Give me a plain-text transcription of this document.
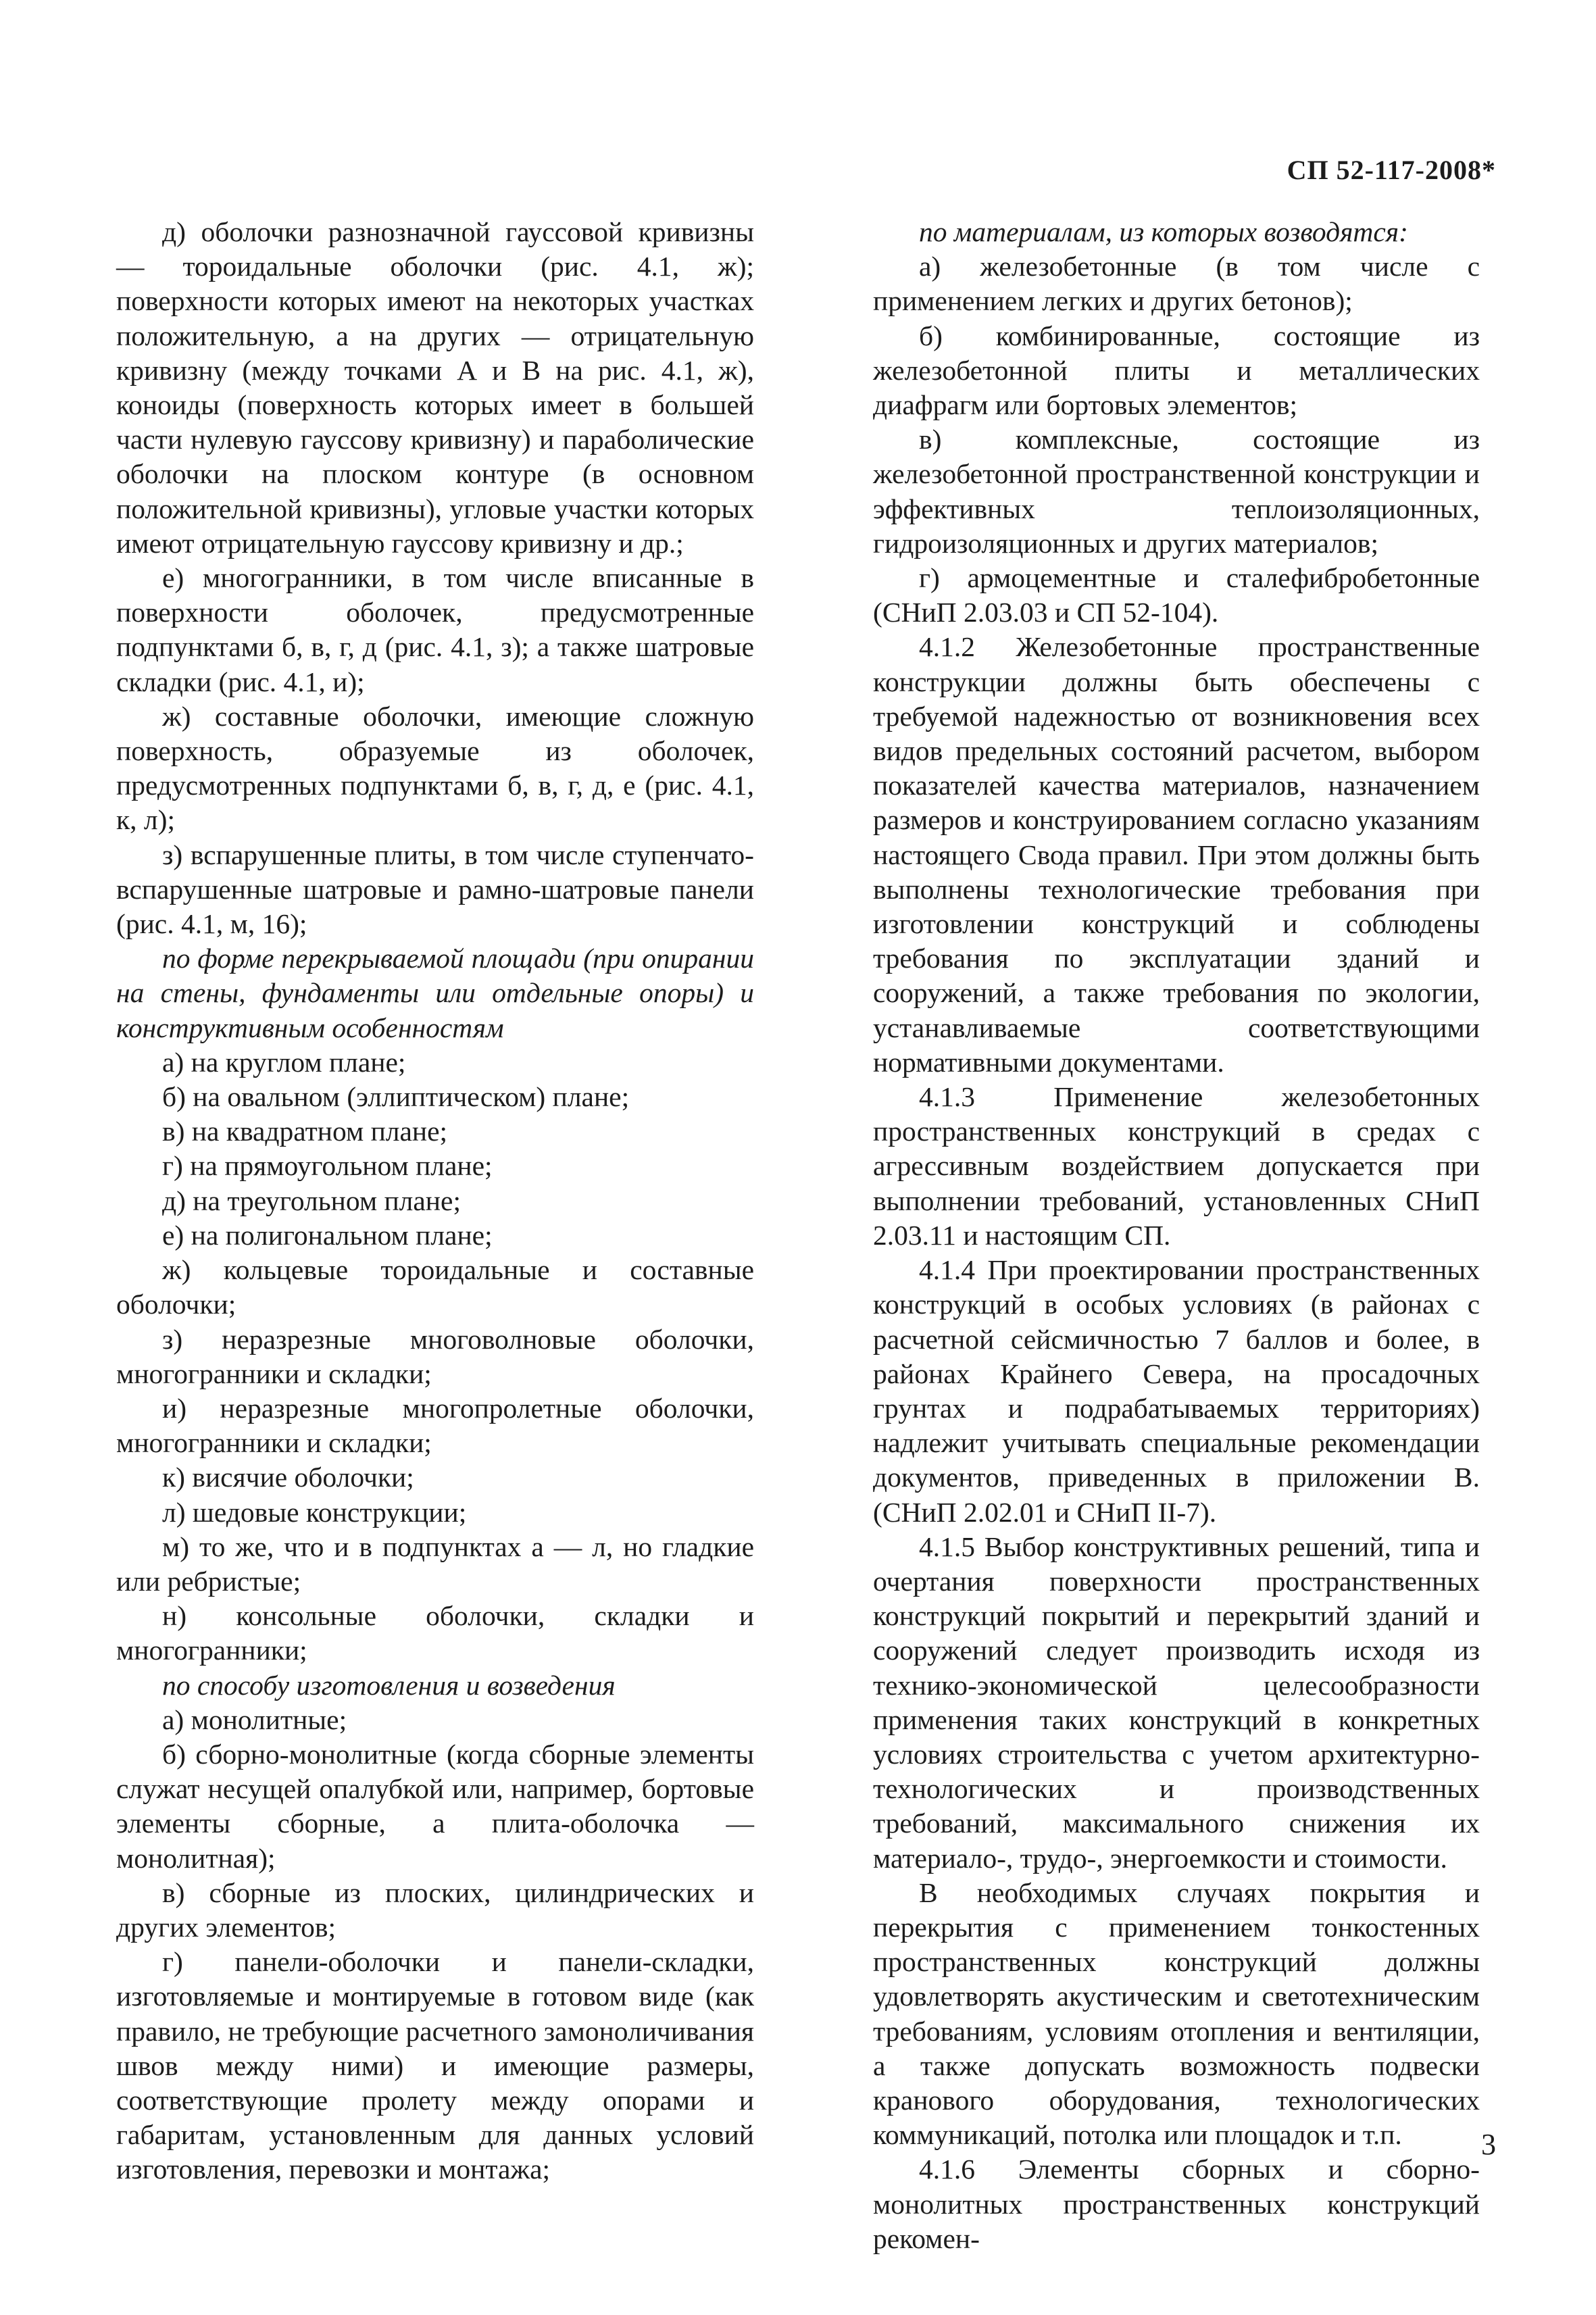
СП 52-117-2008*

д) оболочки разнозначной гауссовой кривизны — тороидальные оболочки (рис. 4.1, ж); поверхности которых имеют на некоторых участках положительную, а на других — отрицательную кривизну (между точками А и В на рис. 4.1, ж), коноиды (поверхность которых имеет в большей части нулевую гауссову кривизну) и параболические оболочки на плоском контуре (в основном положительной кривизны), угловые участки которых имеют отрицательную гауссову кривизну и др.;

е) многогранники, в том числе вписанные в поверхности оболочек, предусмотренные подпунктами б, в, г, д (рис. 4.1, з); а также шатровые складки (рис. 4.1, и);

ж) составные оболочки, имеющие сложную поверхность, образуемые из оболочек, предусмотренных подпунктами б, в, г, д, е (рис. 4.1, к, л);

з) вспарушенные плиты, в том числе ступенчато-вспарушенные шатровые и рамно-шатровые панели (рис. 4.1, м, 16);

по форме перекрываемой площади (при опирании на стены, фундаменты или отдельные опоры) и конструктивным особенностям

а) на круглом плане;

б) на овальном (эллиптическом) плане;

в) на квадратном плане;

г) на прямоугольном плане;

д) на треугольном плане;

е) на полигональном плане;

ж) кольцевые тороидальные и составные оболочки;

з) неразрезные многоволновые оболочки, многогранники и складки;

и) неразрезные многопролетные оболочки, многогранники и складки;

к) висячие оболочки;

л) шедовые конструкции;

м) то же, что и в подпунктах а — л, но гладкие или ребристые;

н) консольные оболочки, складки и многогранники;

по способу изготовления и возведения

а) монолитные;

б) сборно-монолитные (когда сборные элементы служат несущей опалубкой или, например, бортовые элементы сборные, а плита-оболочка — монолитная);

в) сборные из плоских, цилиндрических и других элементов;

г) панели-оболочки и панели-складки, изготовляемые и монтируемые в готовом виде (как правило, не требующие расчетного замоноличивания швов между ними) и имеющие размеры, соответствующие пролету между опорами и габаритам, установленным для данных условий изготовления, перевозки и монтажа;

по материалам, из которых возводятся:

а) железобетонные (в том числе с применением легких и других бетонов);

б) комбинированные, состоящие из железобетонной плиты и металлических диафрагм или бортовых элементов;

в) комплексные, состоящие из железобетонной пространственной конструкции и эффективных теплоизоляционных, гидроизоляционных и других материалов;

г) армоцементные и сталефибробетонные (СНиП 2.03.03 и СП 52-104).

4.1.2 Железобетонные пространственные конструкции должны быть обеспечены с требуемой надежностью от возникновения всех видов предельных состояний расчетом, выбором показателей качества материалов, назначением размеров и конструированием согласно указаниям настоящего Свода правил. При этом должны быть выполнены технологические требования при изготовлении конструкций и соблюдены требования по эксплуатации зданий и сооружений, а также требования по экологии, устанавливаемые соответствующими нормативными документами.

4.1.3 Применение железобетонных пространственных конструкций в средах с агрессивным воздействием допускается при выполнении требований, установленных СНиП 2.03.11 и настоящим СП.

4.1.4 При проектировании пространственных конструкций в особых условиях (в районах с расчетной сейсмичностью 7 баллов и более, в районах Крайнего Севера, на просадочных грунтах и подрабатываемых территориях) надлежит учитывать специальные рекомендации документов, приведенных в приложении В. (СНиП 2.02.01 и СНиП II-7).

4.1.5 Выбор конструктивных решений, типа и очертания поверхности пространственных конструкций покрытий и перекрытий зданий и сооружений следует производить исходя из технико-экономической целесообразности применения таких конструкций в конкретных условиях строительства с учетом архитектурно-технологических и производственных требований, максимального снижения их материало-, трудо-, энергоемкости и стоимости.

В необходимых случаях покрытия и перекрытия с применением тонкостенных пространственных конструкций должны удовлетворять акустическим и светотехническим требованиям, условиям отопления и вентиляции, а также допускать возможность подвески кранового оборудования, технологических коммуникаций, потолка или площадок и т.п.

4.1.6 Элементы сборных и сборно-монолитных пространственных конструкций рекомен-

3
